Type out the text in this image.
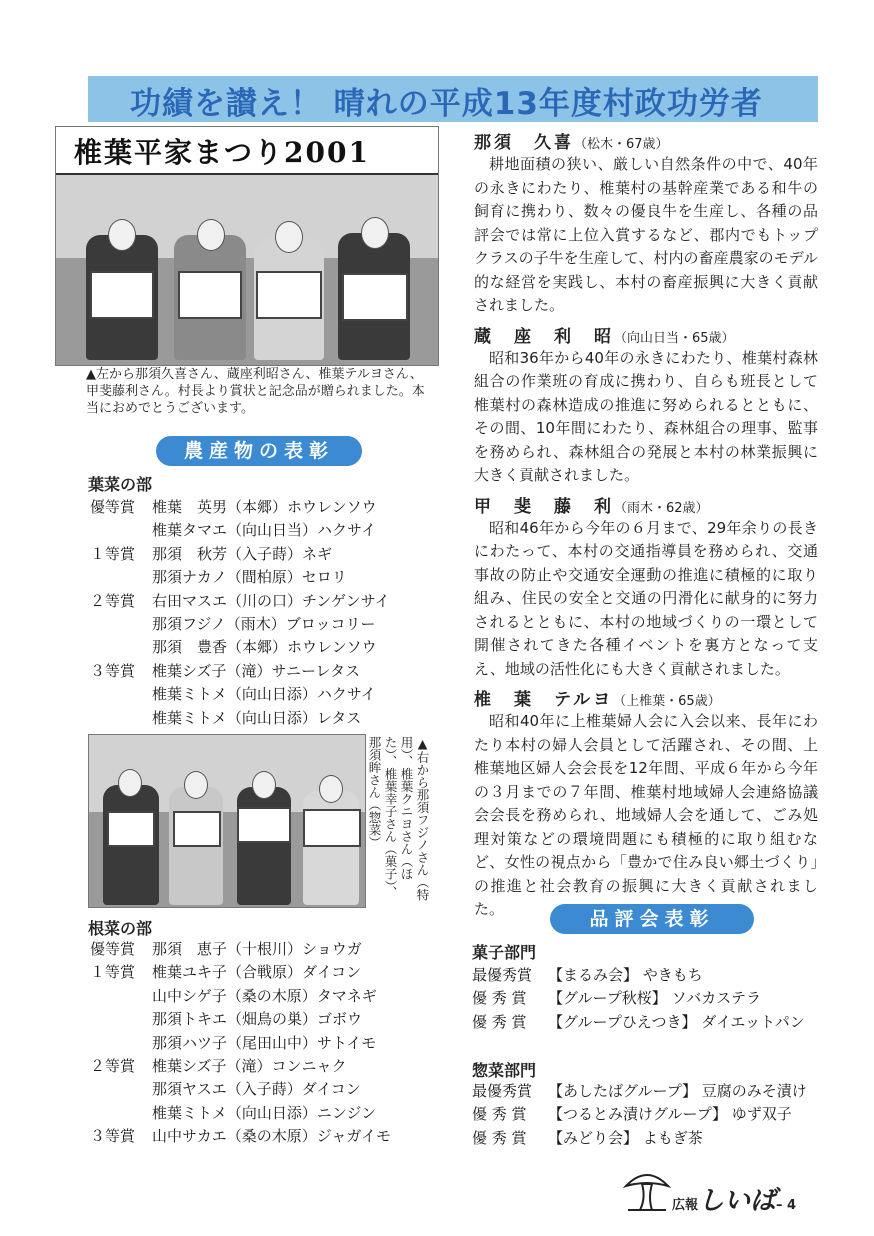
功績を讃え！ 晴れの平成13年度村政功労者
椎葉平家まつり2001
▲左から那須久喜さん、蔵座利昭さん、椎葉テルヨさん、甲斐藤利さん。村長より賞状と記念品が贈られました。本当におめでとうございます。
農産物の表彰
葉菜の部
優等賞 椎葉　英男（本郷）ホウレンソウ
椎葉タマエ（向山日当）ハクサイ
１等賞 那須　秋芳（入子蒔）ネギ
那須ナカノ（間柏原）セロリ
２等賞 右田マスエ（川の口）チンゲンサイ
那須フジノ（雨木）ブロッコリー
那須　豊香（本郷）ホウレンソウ
３等賞 椎葉シズ子（滝）サニーレタス
椎葉ミトメ（向山日添）ハクサイ
椎葉ミトメ（向山日添）レタス
▲右から那須フジノさん（特用）、椎葉クニヨさん（ほた）、椎葉幸子さん（菓子）、那須眸さん（惣菜）
根菜の部
優等賞 那須　恵子（十根川）ショウガ
１等賞 椎葉ユキ子（合戦原）ダイコン
山中シゲ子（桑の木原）タマネギ
那須トキエ（畑鳥の巣）ゴボウ
那須ハツ子（尾田山中）サトイモ
２等賞 椎葉シズ子（滝）コンニャク
那須ヤスエ（入子蒔）ダイコン
椎葉ミトメ（向山日添）ニンジン
３等賞 山中サカエ（桑の木原）ジャガイモ
那須　久喜（松木・67歳）
耕地面積の狭い、厳しい自然条件の中で、40年の永きにわたり、椎葉村の基幹産業である和牛の飼育に携わり、数々の優良牛を生産し、各種の品評会では常に上位入賞するなど、郡内でもトップクラスの子牛を生産して、村内の畜産農家のモデル的な経営を実践し、本村の畜産振興に大きく貢献されました。
蔵　座　利　昭（向山日当・65歳）
昭和36年から40年の永きにわたり、椎葉村森林組合の作業班の育成に携わり、自らも班長として椎葉村の森林造成の推進に努められるとともに、その間、10年間にわたり、森林組合の理事、監事を務められ、森林組合の発展と本村の林業振興に大きく貢献されました。
甲　斐　藤　利（雨木・62歳）
昭和46年から今年の６月まで、29年余りの長きにわたって、本村の交通指導員を務められ、交通事故の防止や交通安全運動の推進に積極的に取り組み、住民の安全と交通の円滑化に献身的に努力されるとともに、本村の地域づくりの一環として開催されてきた各種イベントを裏方となって支え、地域の活性化にも大きく貢献されました。
椎　葉　テルヨ（上椎葉・65歳）
昭和40年に上椎葉婦人会に入会以来、長年にわたり本村の婦人会員として活躍され、その間、上椎葉地区婦人会会長を12年間、平成６年から今年の３月までの７年間、椎葉村地域婦人会連絡協議会会長を務められ、地域婦人会を通して、ごみ処理対策などの環境問題にも積極的に取り組むなど、女性の視点から「豊かで住み良い郷土づくり」の推進と社会教育の振興に大きく貢献されました。	品評会表彰
菓子部門
最優秀賞 【まるみ会】 やきもち
優 秀 賞 【グループ秋桜】 ソバカステラ
優 秀 賞 【グループひえつき】 ダイエットパン
惣菜部門
最優秀賞 【あしたばグループ】 豆腐のみそ漬け
優 秀 賞 【つるとみ漬けグループ】 ゆず双子
優 秀 賞 【みどり会】 よもぎ茶
広報しいば– 4
